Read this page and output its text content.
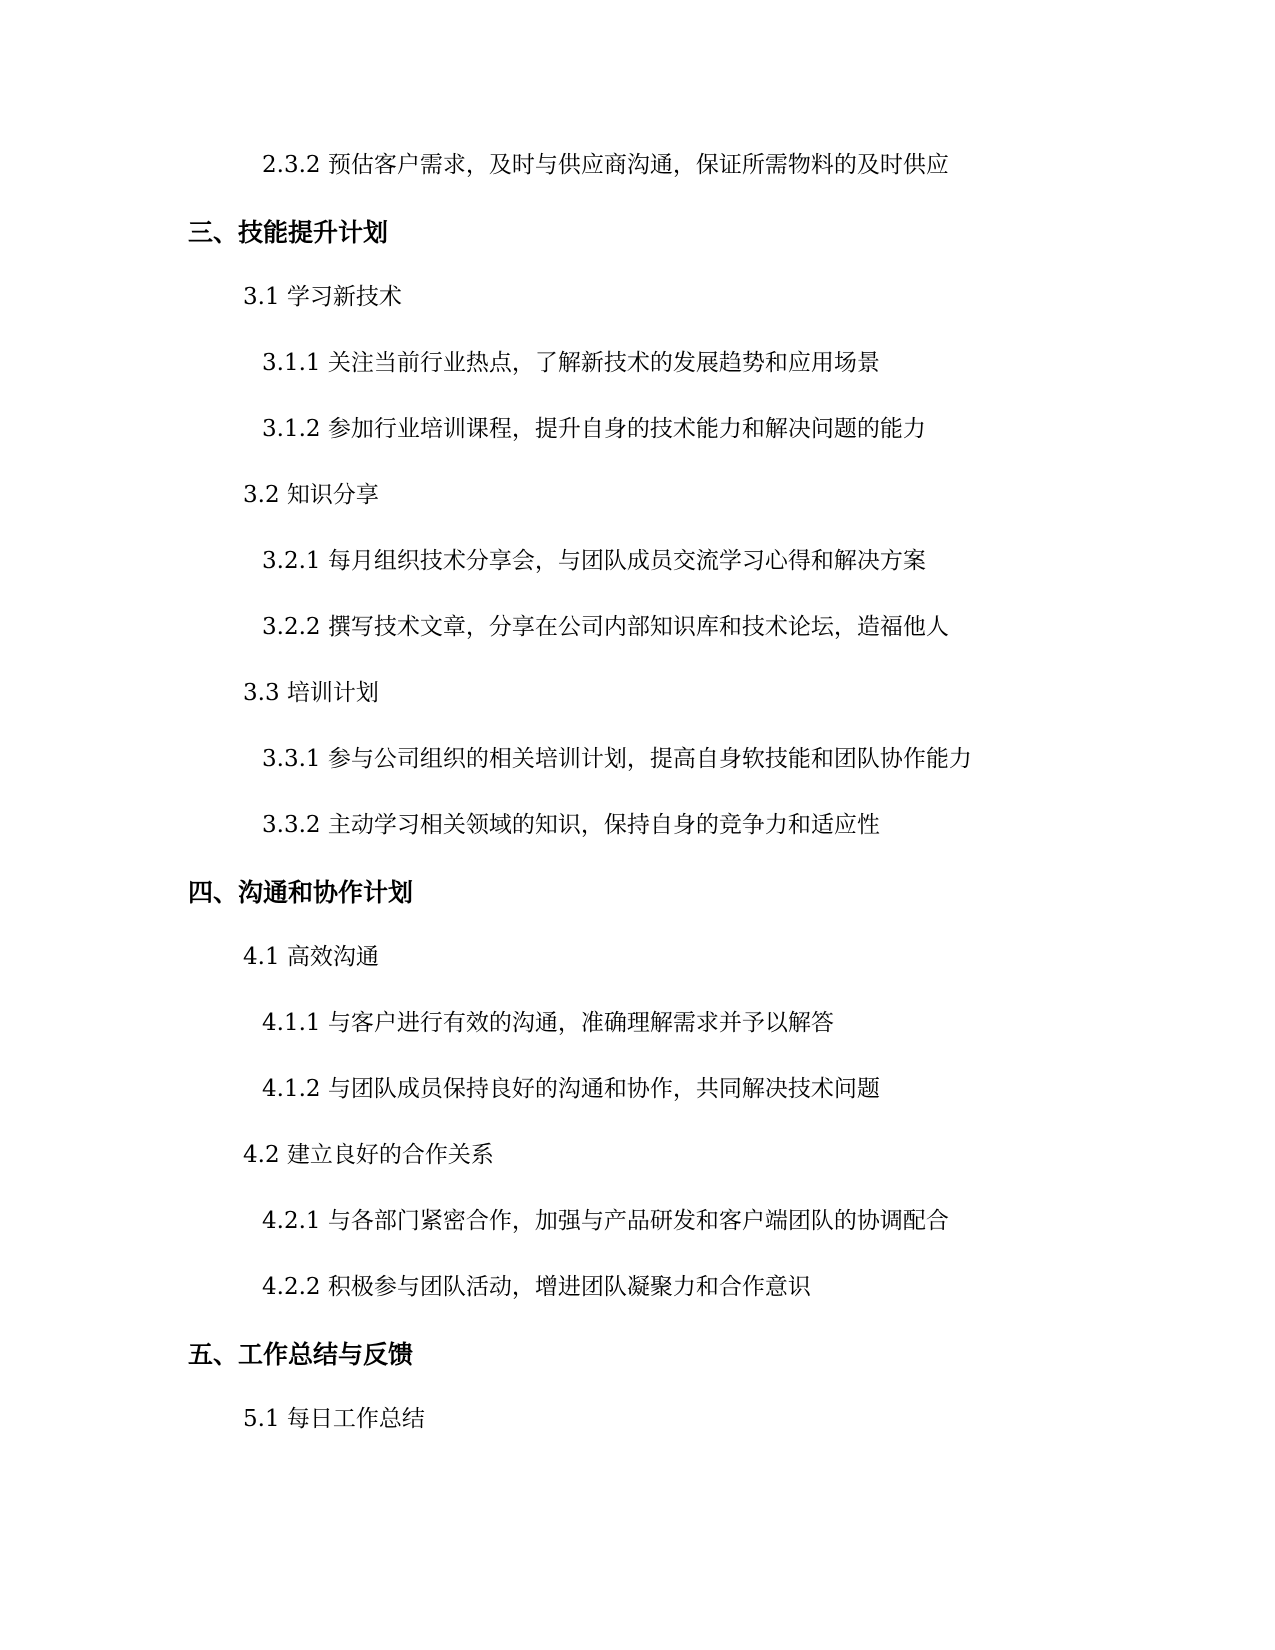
2.3.2 预估客户需求，及时与供应商沟通，保证所需物料的及时供应
三、技能提升计划
3.1 学习新技术
3.1.1 关注当前行业热点，了解新技术的发展趋势和应用场景
3.1.2 参加行业培训课程，提升自身的技术能力和解决问题的能力
3.2 知识分享
3.2.1 每月组织技术分享会，与团队成员交流学习心得和解决方案
3.2.2 撰写技术文章，分享在公司内部知识库和技术论坛，造福他人
3.3 培训计划
3.3.1 参与公司组织的相关培训计划，提高自身软技能和团队协作能力
3.3.2 主动学习相关领域的知识，保持自身的竞争力和适应性
四、沟通和协作计划
4.1 高效沟通
4.1.1 与客户进行有效的沟通，准确理解需求并予以解答
4.1.2 与团队成员保持良好的沟通和协作，共同解决技术问题
4.2 建立良好的合作关系
4.2.1 与各部门紧密合作，加强与产品研发和客户端团队的协调配合
4.2.2 积极参与团队活动，增进团队凝聚力和合作意识
五、工作总结与反馈
5.1 每日工作总结
